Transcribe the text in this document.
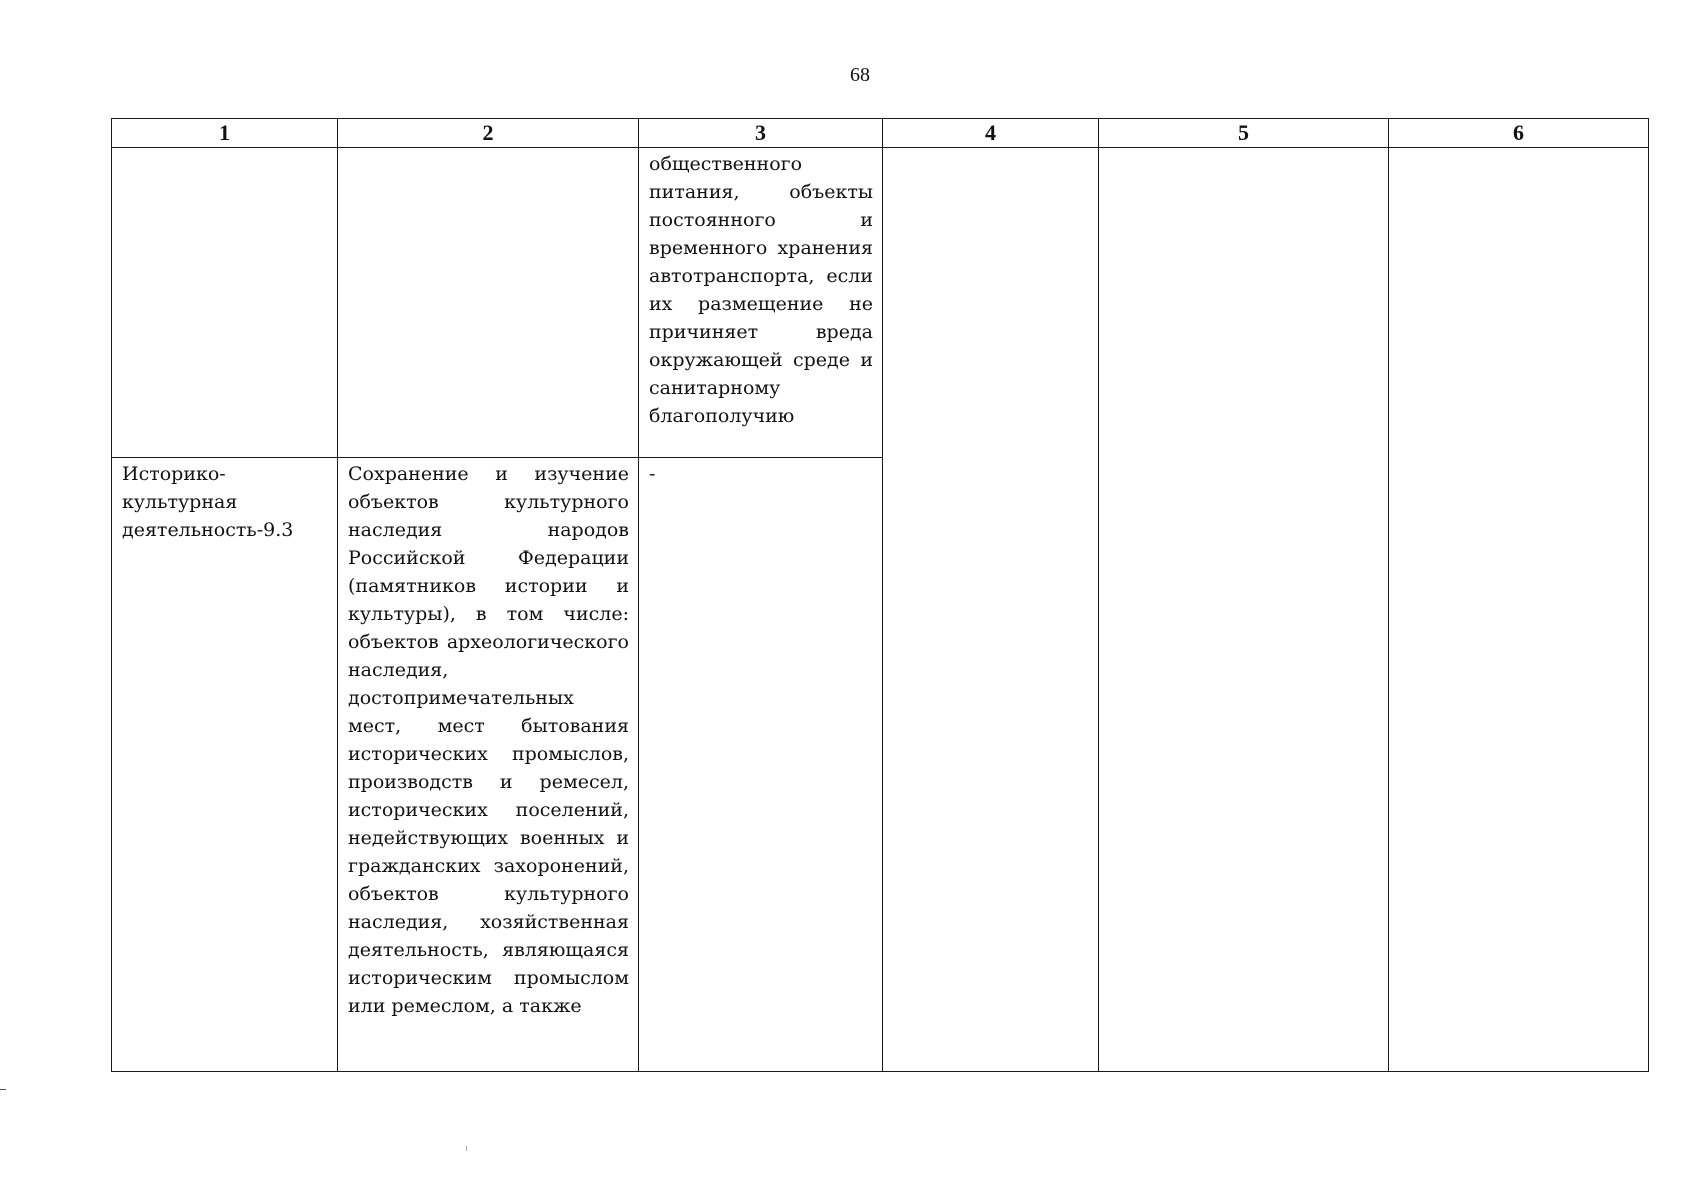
68
1	2	3	4	5	6

		общественного питания, объекты постоянного и временного хранения автотранспорта, если их размещение не причиняет вреда окружающей среде и санитарному благополучию			

Историко-культурная деятельность-9.3	Сохранение и изучение объектов культурного наследия народов Российской Федерации (памятников истории и культуры), в том числе: объектов археологического наследия, достопримечательных мест, мест бытования исторических промыслов, производств и ремесел, исторических поселений, недействующих военных и гражданских захоронений, объектов культурного наследия, хозяйственная деятельность, являющаяся историческим промыслом или ремеслом, а также	-			
